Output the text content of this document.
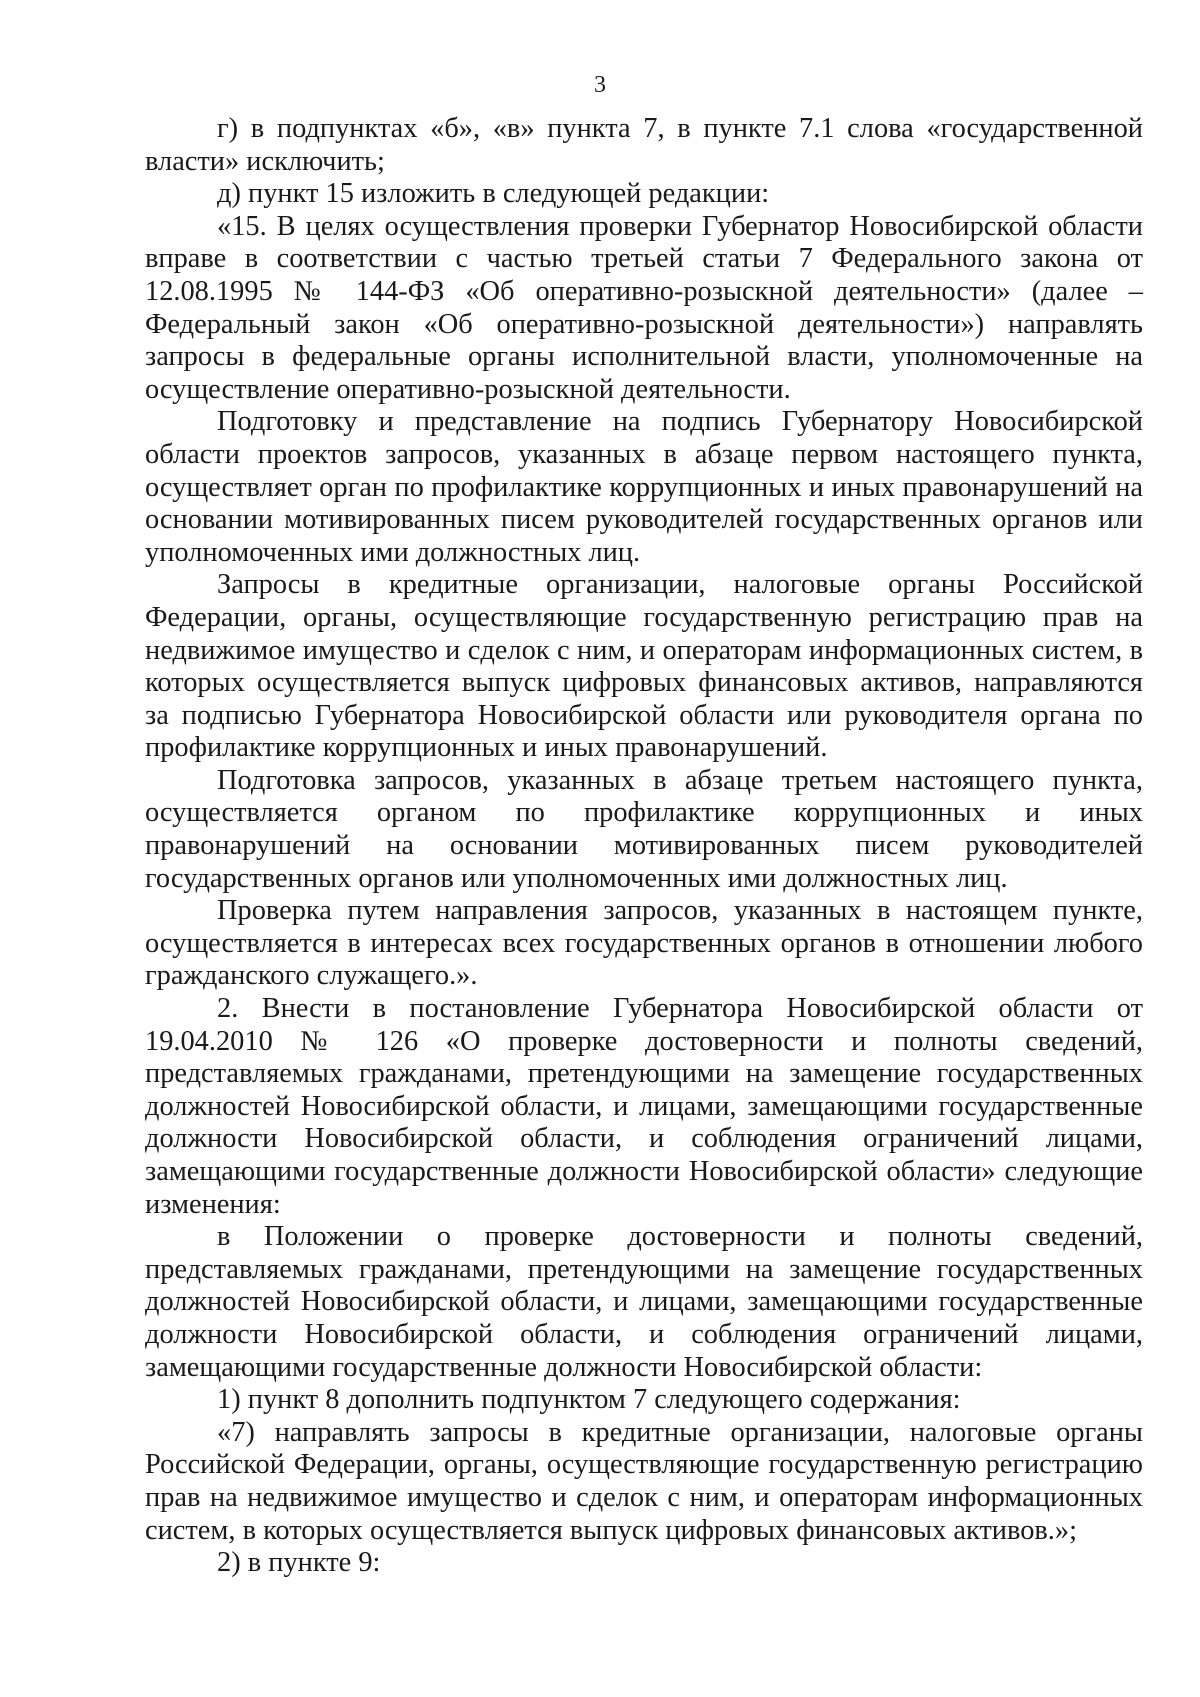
3

г) в подпунктах «б», «в» пункта 7, в пункте 7.1 слова «государственной власти» исключить;

д) пункт 15 изложить в следующей редакции:

«15. В целях осуществления проверки Губернатор Новосибирской области вправе в соответствии с частью третьей статьи 7 Федерального закона от 12.08.1995 № 144-ФЗ «Об оперативно-розыскной деятельности» (далее – Федеральный закон «Об оперативно-розыскной деятельности») направлять запросы в федеральные органы исполнительной власти, уполномоченные на осуществление оперативно-розыскной деятельности.

Подготовку и представление на подпись Губернатору Новосибирской области проектов запросов, указанных в абзаце первом настоящего пункта, осуществляет орган по профилактике коррупционных и иных правонарушений на основании мотивированных писем руководителей государственных органов или уполномоченных ими должностных лиц.

Запросы в кредитные организации, налоговые органы Российской Федерации, органы, осуществляющие государственную регистрацию прав на недвижимое имущество и сделок с ним, и операторам информационных систем, в которых осуществляется выпуск цифровых финансовых активов, направляются за подписью Губернатора Новосибирской области или руководителя органа по профилактике коррупционных и иных правонарушений.

Подготовка запросов, указанных в абзаце третьем настоящего пункта, осуществляется органом по профилактике коррупционных и иных правонарушений на основании мотивированных писем руководителей государственных органов или уполномоченных ими должностных лиц.

Проверка путем направления запросов, указанных в настоящем пункте, осуществляется в интересах всех государственных органов в отношении любого гражданского служащего.».

2. Внести в постановление Губернатора Новосибирской области от 19.04.2010 № 126 «О проверке достоверности и полноты сведений, представляемых гражданами, претендующими на замещение государственных должностей Новосибирской области, и лицами, замещающими государственные должности Новосибирской области, и соблюдения ограничений лицами, замещающими государственные должности Новосибирской области» следующие изменения:

в Положении о проверке достоверности и полноты сведений, представляемых гражданами, претендующими на замещение государственных должностей Новосибирской области, и лицами, замещающими государственные должности Новосибирской области, и соблюдения ограничений лицами, замещающими государственные должности Новосибирской области:

1) пункт 8 дополнить подпунктом 7 следующего содержания:

«7) направлять запросы в кредитные организации, налоговые органы Российской Федерации, органы, осуществляющие государственную регистрацию прав на недвижимое имущество и сделок с ним, и операторам информационных систем, в которых осуществляется выпуск цифровых финансовых активов.»;

2) в пункте 9:
